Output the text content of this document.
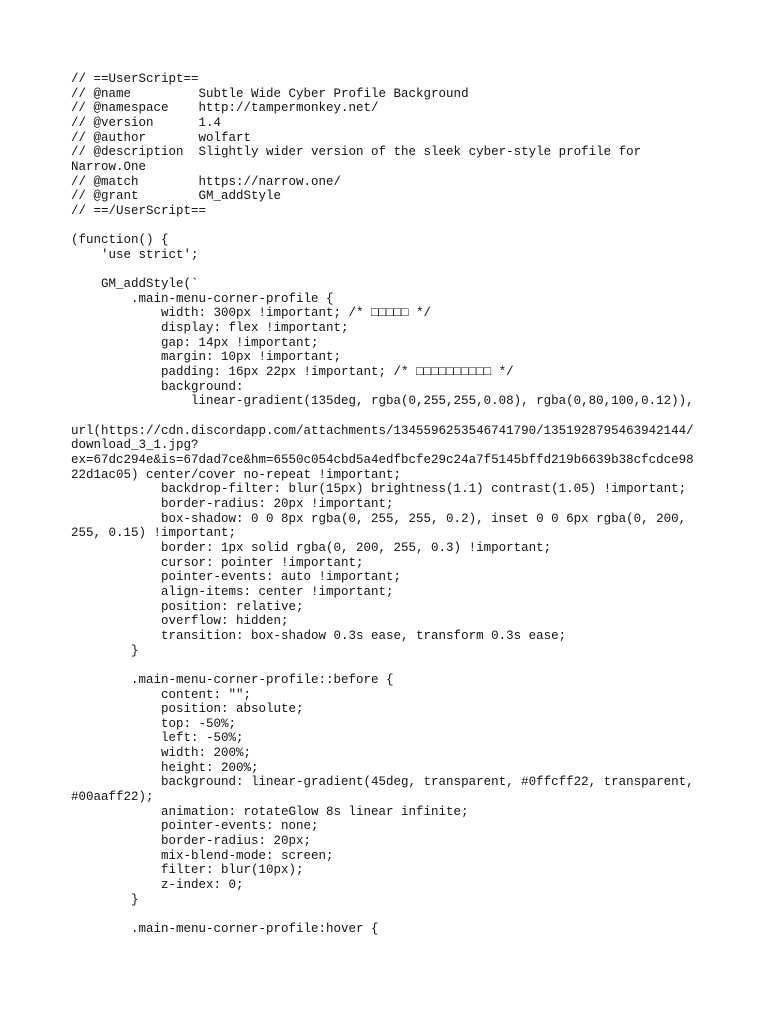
// ==UserScript==
// @name         Subtle Wide Cyber Profile Background
// @namespace    http://tampermonkey.net/
// @version      1.4
// @author       wolfart
// @description  Slightly wider version of the sleek cyber-style profile for
Narrow.One
// @match        https://narrow.one/
// @grant        GM_addStyle
// ==/UserScript==
(function() {
'use strict';
GM_addStyle(`
.main-menu-corner-profile {
width: 300px !important; /* □□□□□ */
display: flex !important;
gap: 14px !important;
margin: 10px !important;
padding: 16px 22px !important; /* □□□□□□□□□□ */
background:
linear-gradient(135deg, rgba(0,255,255,0.08), rgba(0,80,100,0.12)),
url(https://cdn.discordapp.com/attachments/1345596253546741790/1351928795463942144/
download_3_1.jpg?
ex=67dc294e&is=67dad7ce&hm=6550c054cbd5a4edfbcfe29c24a7f5145bffd219b6639b38cfcdce98
22d1ac05) center/cover no-repeat !important;
backdrop-filter: blur(15px) brightness(1.1) contrast(1.05) !important;
border-radius: 20px !important;
box-shadow: 0 0 8px rgba(0, 255, 255, 0.2), inset 0 0 6px rgba(0, 200,
255, 0.15) !important;
border: 1px solid rgba(0, 200, 255, 0.3) !important;
cursor: pointer !important;
pointer-events: auto !important;
align-items: center !important;
position: relative;
overflow: hidden;
transition: box-shadow 0.3s ease, transform 0.3s ease;
}
.main-menu-corner-profile::before {
content: "";
position: absolute;
top: -50%;
left: -50%;
width: 200%;
height: 200%;
background: linear-gradient(45deg, transparent, #0ffcff22, transparent,
#00aaff22);
animation: rotateGlow 8s linear infinite;
pointer-events: none;
border-radius: 20px;
mix-blend-mode: screen;
filter: blur(10px);
z-index: 0;
}
.main-menu-corner-profile:hover {
